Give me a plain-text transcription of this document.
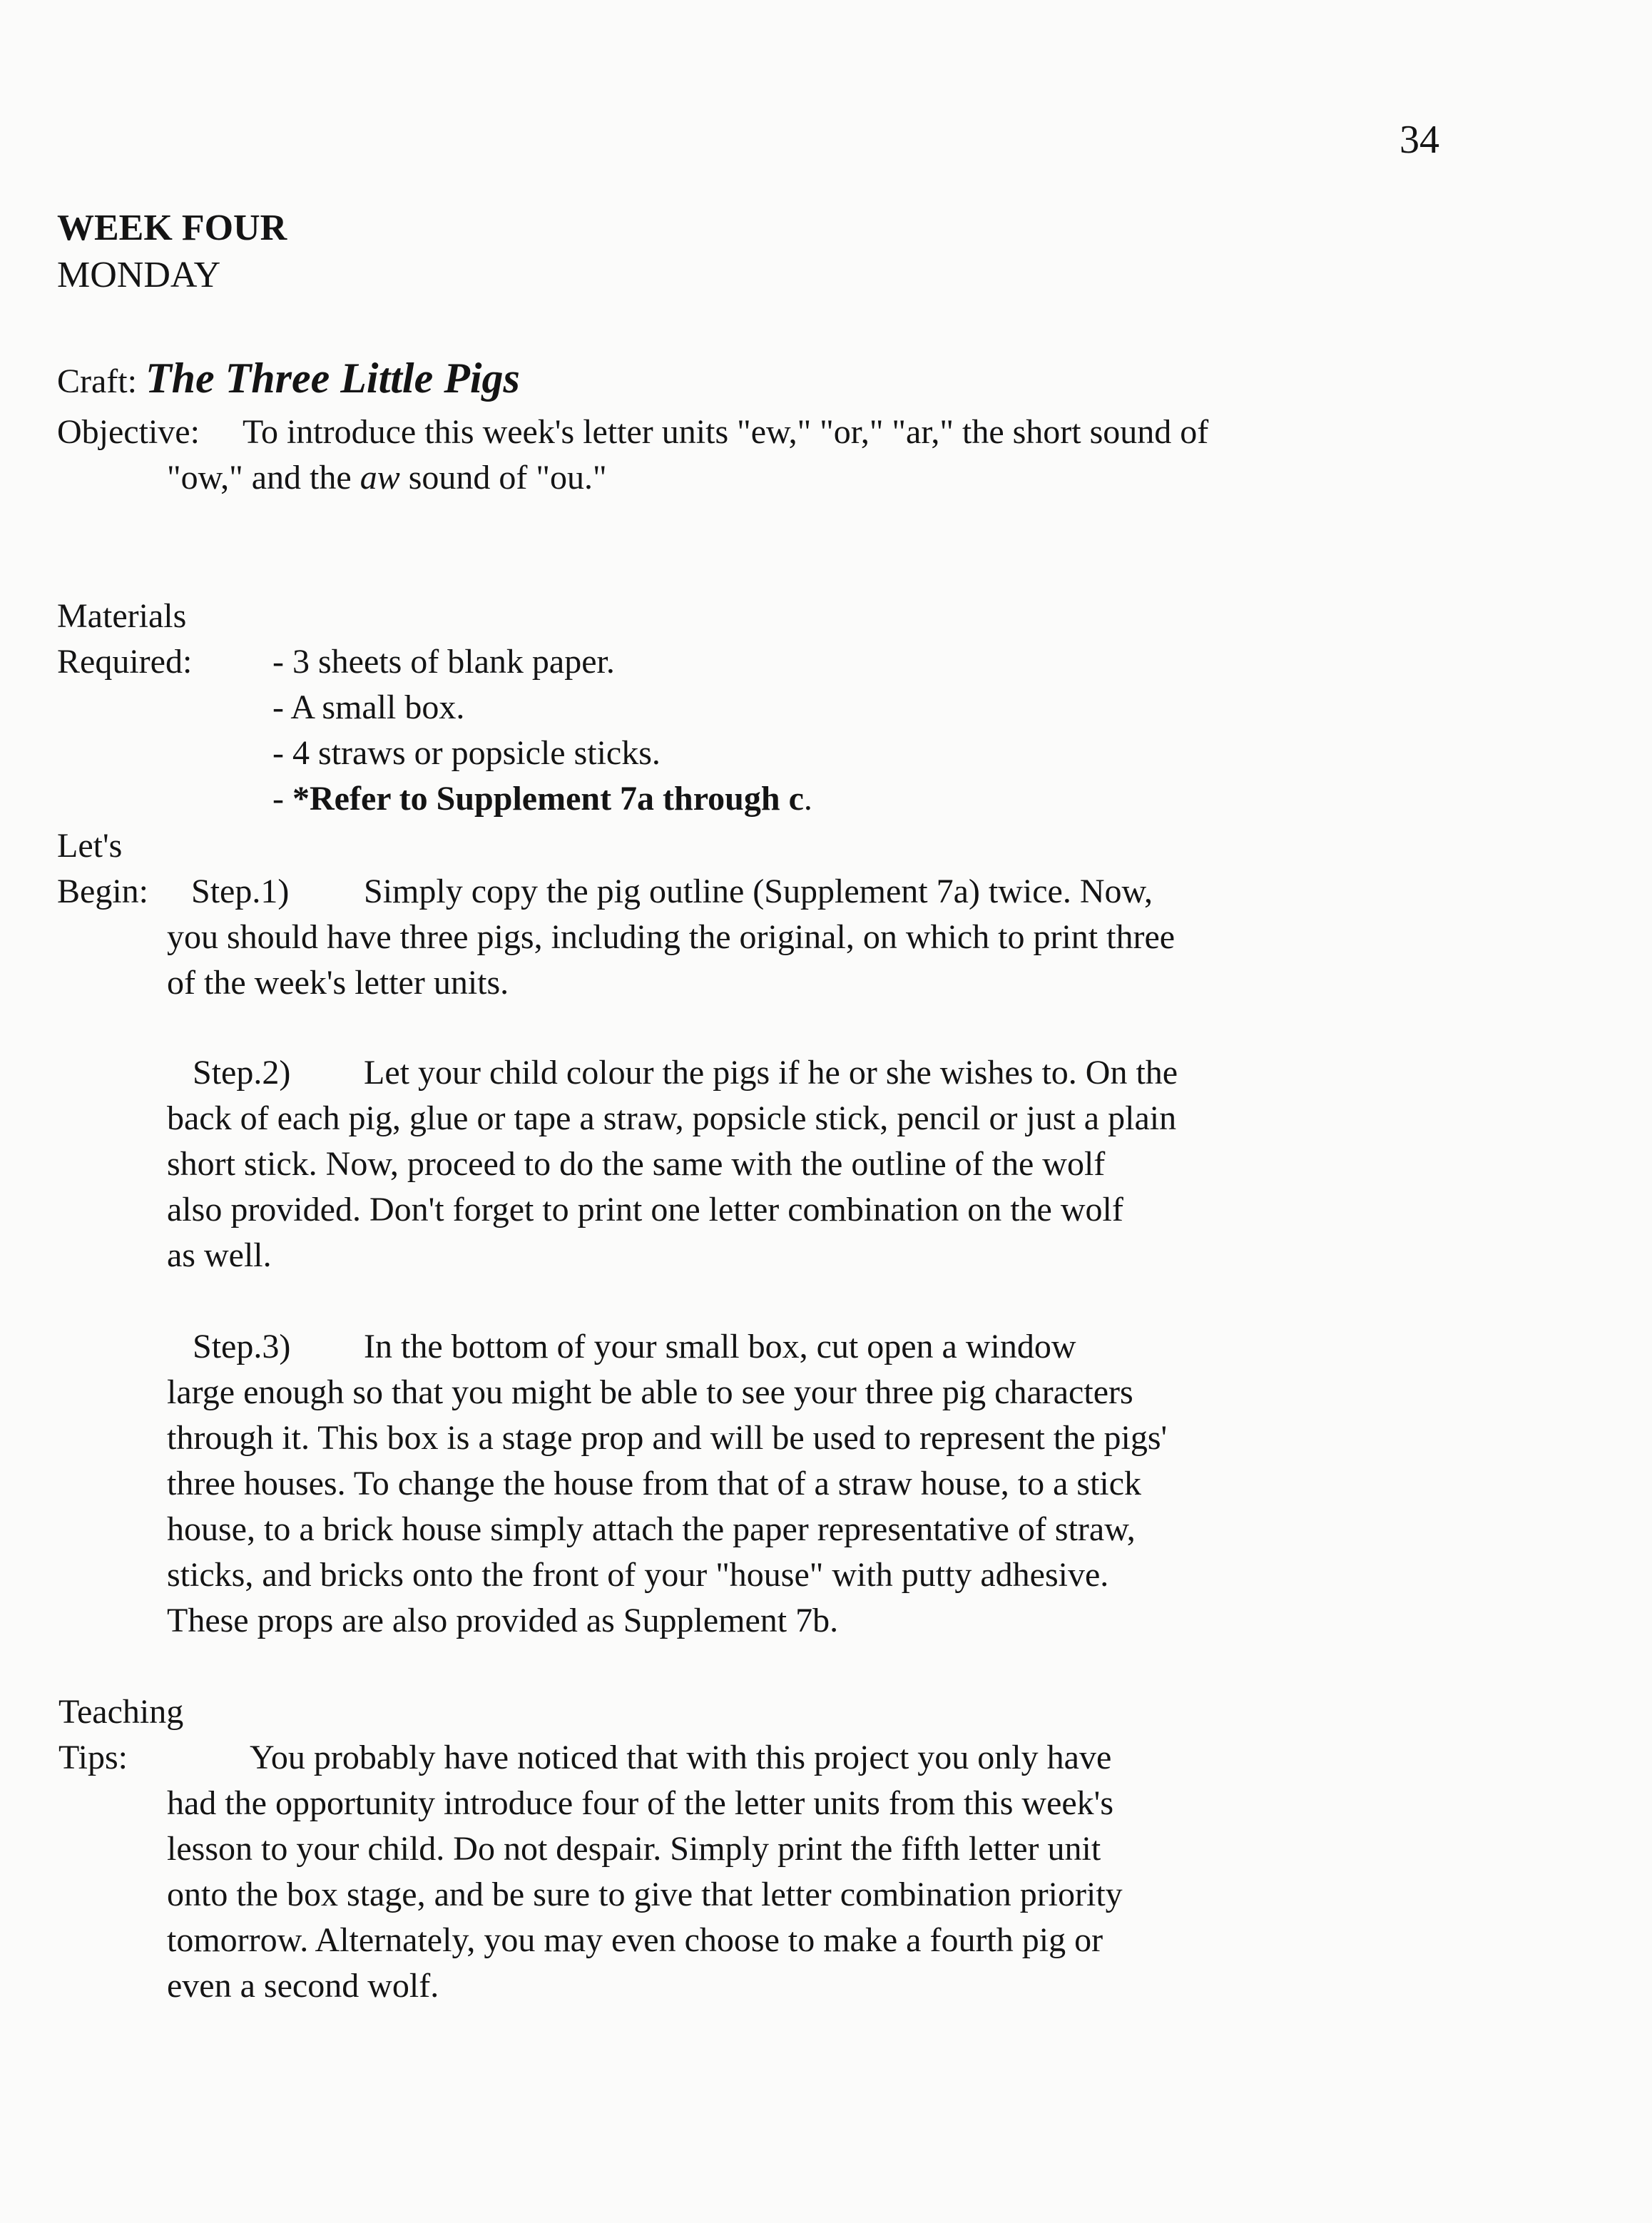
34
WEEK FOUR
MONDAY
Craft: The Three Little Pigs
Objective: To introduce this week's letter units "ew," "or," "ar," the short sound of
"ow," and the aw sound of "ou."
Materials
Required: - 3 sheets of blank paper.
- A small box.
- 4 straws or popsicle sticks.
- *Refer to Supplement 7a through c.
Let's
Begin: Step.1) Simply copy the pig outline (Supplement 7a) twice. Now,
you should have three pigs, including the original, on which to print three
of the week's letter units.
Step.2) Let your child colour the pigs if he or she wishes to. On the
back of each pig, glue or tape a straw, popsicle stick, pencil or just a plain
short stick. Now, proceed to do the same with the outline of the wolf
also provided. Don't forget to print one letter combination on the wolf
as well.
Step.3) In the bottom of your small box, cut open a window
large enough so that you might be able to see your three pig characters
through it. This box is a stage prop and will be used to represent the pigs'
three houses. To change the house from that of a straw house, to a stick
house, to a brick house simply attach the paper representative of straw,
sticks, and bricks onto the front of your "house" with putty adhesive.
These props are also provided as Supplement 7b.
Teaching
Tips:	You probably have noticed that with this project you only have
had the opportunity introduce four of the letter units from this week's
lesson to your child. Do not despair. Simply print the fifth letter unit
onto the box stage, and be sure to give that letter combination priority
tomorrow. Alternately, you may even choose to make a fourth pig or
even a second wolf.
